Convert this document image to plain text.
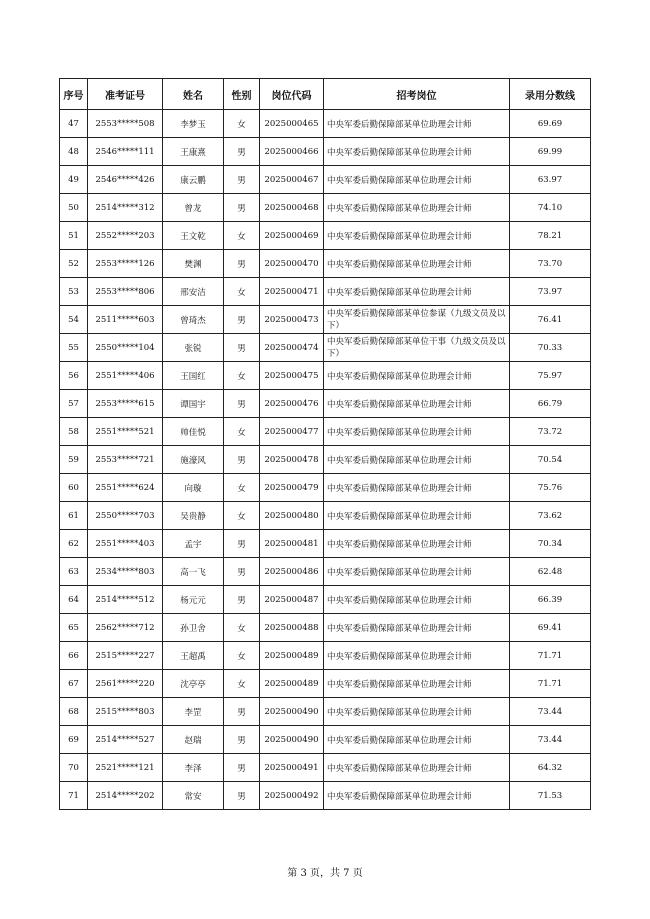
序号	准考证号	姓名	性别	岗位代码	招考岗位	录用分数线
47	2553*****508	李梦玉	女	2025000465	中央军委后勤保障部某单位助理会计师	69.69
48	2546*****111	王康熹	男	2025000466	中央军委后勤保障部某单位助理会计师	69.99
49	2546*****426	康云鹏	男	2025000467	中央军委后勤保障部某单位助理会计师	63.97
50	2514*****312	曾龙	男	2025000468	中央军委后勤保障部某单位助理会计师	74.10
51	2552*****203	王文乾	女	2025000469	中央军委后勤保障部某单位助理会计师	78.21
52	2553*****126	樊渊	男	2025000470	中央军委后勤保障部某单位助理会计师	73.70
53	2553*****806	邢安洁	女	2025000471	中央军委后勤保障部某单位助理会计师	73.97
54	2511*****603	曾琦杰	男	2025000473	中央军委后勤保障部某单位参谋（九级文员及以下）	76.41
55	2550*****104	张锐	男	2025000474	中央军委后勤保障部某单位干事（九级文员及以下）	70.33
56	2551*****406	王国红	女	2025000475	中央军委后勤保障部某单位助理会计师	75.97
57	2553*****615	谭国宇	男	2025000476	中央军委后勤保障部某单位助理会计师	66.79
58	2551*****521	帅佳悦	女	2025000477	中央军委后勤保障部某单位助理会计师	73.72
59	2553*****721	施濠风	男	2025000478	中央军委后勤保障部某单位助理会计师	70.54
60	2551*****624	向璇	女	2025000479	中央军委后勤保障部某单位助理会计师	75.76
61	2550*****703	吴贵静	女	2025000480	中央军委后勤保障部某单位助理会计师	73.62
62	2551*****403	孟宇	男	2025000481	中央军委后勤保障部某单位助理会计师	70.34
63	2534*****803	高一飞	男	2025000486	中央军委后勤保障部某单位助理会计师	62.48
64	2514*****512	杨元元	男	2025000487	中央军委后勤保障部某单位助理会计师	66.39
65	2562*****712	孙卫舍	女	2025000488	中央军委后勤保障部某单位助理会计师	69.41
66	2515*****227	王超禹	女	2025000489	中央军委后勤保障部某单位助理会计师	71.71
67	2561*****220	沈亭亭	女	2025000489	中央军委后勤保障部某单位助理会计师	71.71
68	2515*****803	李罡	男	2025000490	中央军委后勤保障部某单位助理会计师	73.44
69	2514*****527	赵瑞	男	2025000490	中央军委后勤保障部某单位助理会计师	73.44
70	2521*****121	李泽	男	2025000491	中央军委后勤保障部某单位助理会计师	64.32
71	2514*****202	常安	男	2025000492	中央军委后勤保障部某单位助理会计师	71.53
第 3 页，共 7 页
